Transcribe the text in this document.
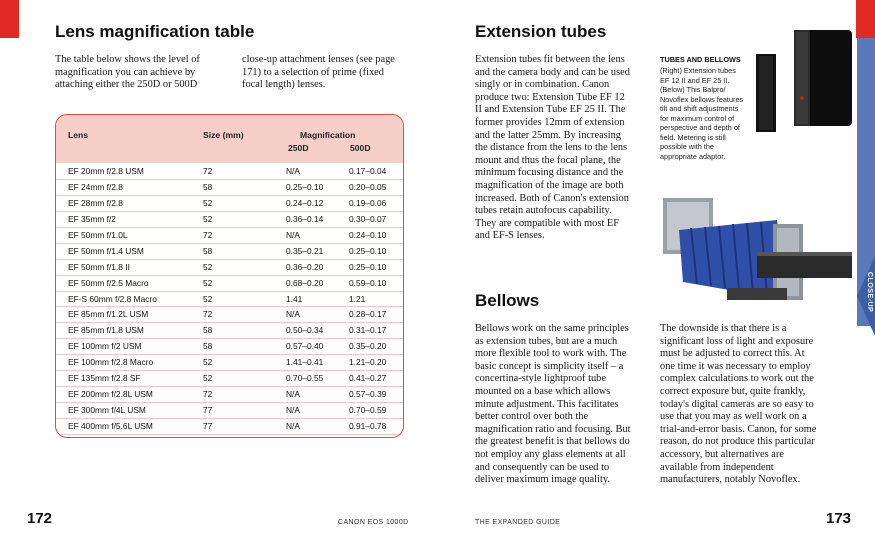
Lens magnification table
The table below shows the level of magnification you can achieve by attaching either the 250D or 500D
close-up attachment lenses (see page 171) to a selection of prime (fixed focal length) lenses.
Lens	Size (mm)	Magnification
250D	500D
EF 20mm f/2.8 USM	72	N/A	0.17–0.04
EF 24mm f/2.8	58	0.25–0.10	0.20–0.05
EF 28mm f/2.8	52	0.24–0.12	0.19–0.06
EF 35mm f/2	52	0.36–0.14	0.30–0.07
EF 50mm f/1.0L	72	N/A	0.24–0.10
EF 50mm f/1.4 USM	58	0.35–0.21	0.25–0.10
EF 50mm f/1.8 II	52	0.36–0.20	0.25–0.10
EF 50mm f/2.5 Macro	52	0.68–0.20	0.59–0.10
EF-S 60mm f/2.8 Macro	52	1.41	1.21
EF 85mm f/1.2L USM	72	N/A	0.28–0.17
EF 85mm f/1.8 USM	58	0.50–0.34	0.31–0.17
EF 100mm f/2 USM	58	0.57–0.40	0.35–0.20
EF 100mm f/2.8 Macro	52	1.41–0.41	1.21–0.20
EF 135mm f/2.8 SF	52	0.70–0.55	0.41–0.27
EF 200mm f/2.8L USM	72	N/A	0.57–0.39
EF 300mm f/4L USM	77	N/A	0.70–0.59
EF 400mm f/5.6L USM	77	N/A	0.91–0.78
172	CANON EOS 1000D
Extension tubes
Extension tubes fit between the lens and the camera body and can be used singly or in combination. Canon produce two: Extension Tube EF 12 II and Extension Tube EF 25 II. The former provides 12mm of extension and the latter 25mm. By increasing the distance from the lens to the lens mount and thus the focal plane, the minimum focusing distance and the magnification of the image are both increased. Both of Canon's extension tubes retain autofocus capability. They are compatible with most EF and EF-S lenses.
TUBES AND BELLOWS
(Right) Extension tubes EF 12 II and EF 25 II. (Below) This Balpro/ Novoflex bellows features tilt and shift adjustments for maximum control of perspective and depth of field. Metering is still possible with the appropriate adaptor.
Bellows
Bellows work on the same principles as extension tubes, but are a much more flexible tool to work with. The basic concept is simplicity itself – a concertina-style lightproof tube mounted on a base which allows minute adjustment. This facilitates better control over both the magnification ratio and focusing. But the greatest benefit is that bellows do not employ any glass elements at all and consequently can be used to deliver maximum image quality.
The downside is that there is a significant loss of light and exposure must be adjusted to correct this. At one time it was necessary to employ complex calculations to work out the correct exposure but, quite frankly, today's digital cameras are so easy to use that you may as well work on a trial-and-error basis. Canon, for some reason, do not produce this particular accessory, but alternatives are available from independent manufacturers, notably Novoflex.
CLOSE-UP
THE EXPANDED GUIDE	173
